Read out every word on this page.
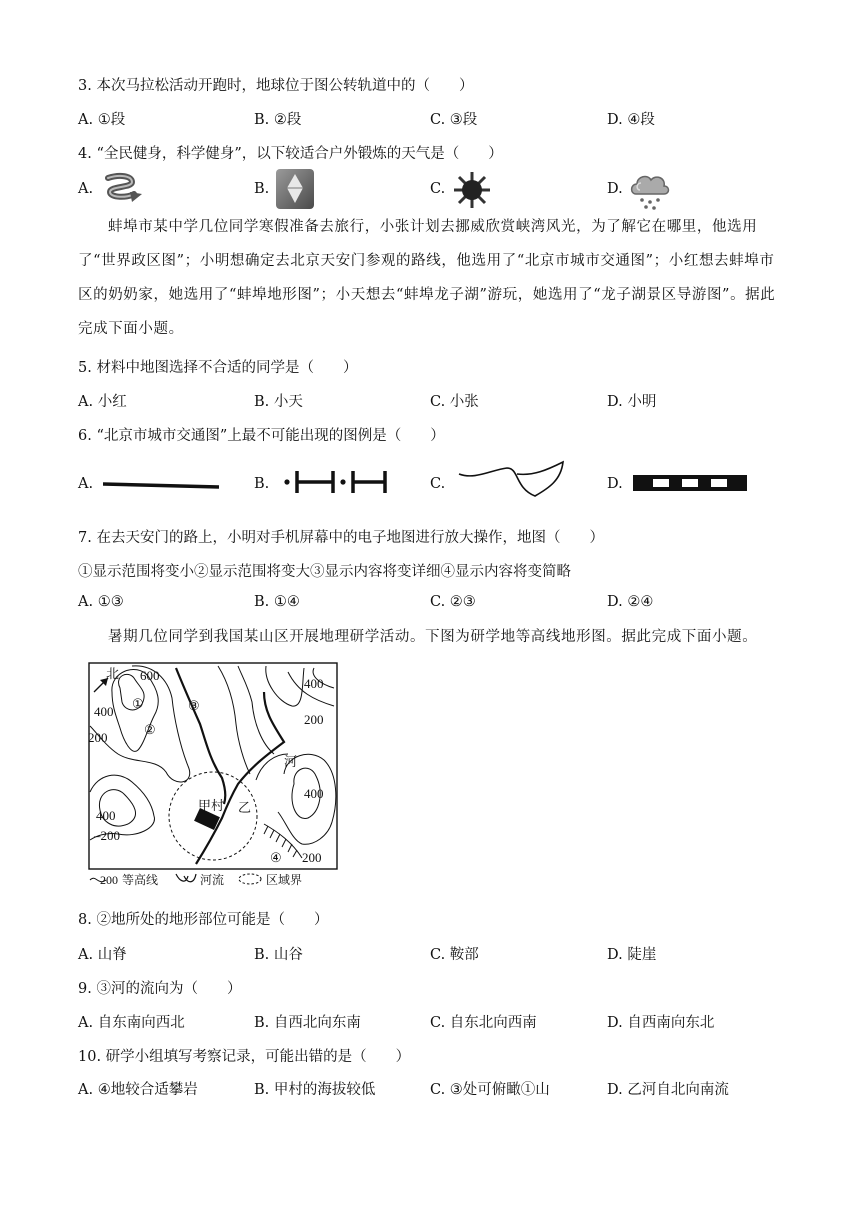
3. 本次马拉松活动开跑时，地球位于图公转轨道中的（　　）
A. ①段	B. ②段	C. ③段	D. ④段
4. “全民健身，科学健身”，以下较适合户外锻炼的天气是（　　）
A.	B.	C.	D.
蚌埠市某中学几位同学寒假准备去旅行，小张计划去挪威欣赏峡湾风光，为了解它在哪里，他选用了“世界政区图”；小明想确定去北京天安门参观的路线，他选用了“北京市城市交通图”；小红想去蚌埠市区的奶奶家，她选用了“蚌埠地形图”；小天想去“蚌埠龙子湖”游玩，她选用了“龙子湖景区导游图”。据此完成下面小题。
5. 材料中地图选择不合适的同学是（　　）
A. 小红	B. 小天	C. 小张	D. 小明
6. “北京市城市交通图”上最不可能出现的图例是（　　）
A.	B.	C.	D.
7. 在去天安门的路上，小明对手机屏幕中的电子地图进行放大操作，地图（　　）
①显示范围将变小②显示范围将变大③显示内容将变详细④显示内容将变简略
A. ①③	B. ①④	C. ②③	D. ②④
暑期几位同学到我国某山区开展地理研学活动。下图为研学地等高线地形图。据此完成下面小题。
北 600
①
400
②
③
200
400
200
河
甲村 乙
400
400
–200
200
④
200 等高线	河流	区域界
8. ②地所处的地形部位可能是（　　）
A. 山脊	B. 山谷	C. 鞍部	D. 陡崖
9. ③河的流向为（　　）
A. 自东南向西北	B. 自西北向东南	C. 自东北向西南	D. 自西南向东北
10. 研学小组填写考察记录，可能出错的是（　　）
A. ④地较合适攀岩	B. 甲村的海拔较低	C. ③处可俯瞰①山	D. 乙河自北向南流
